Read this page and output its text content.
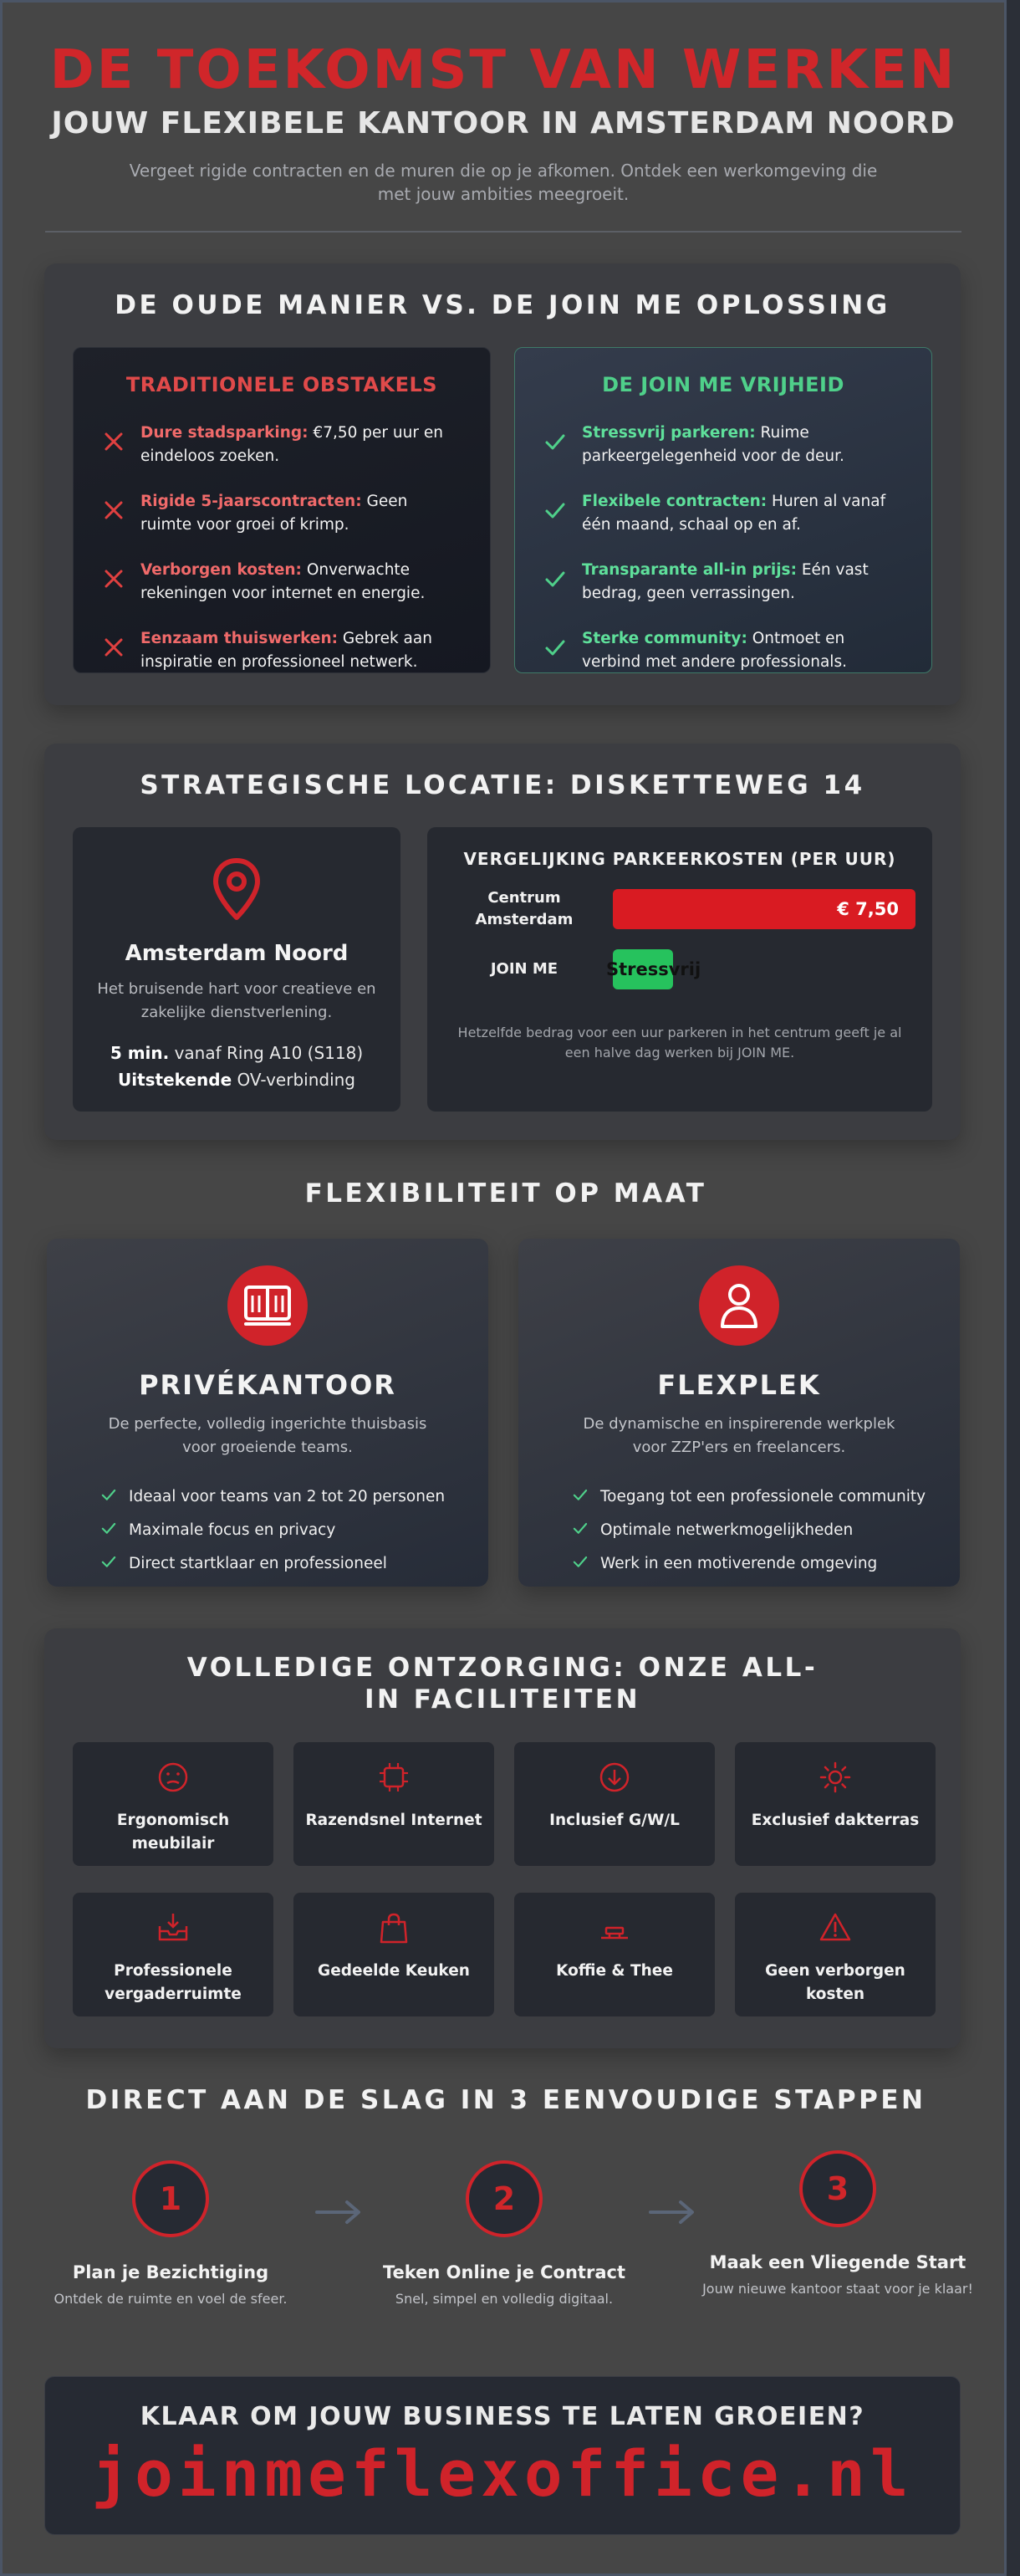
DE TOEKOMST VAN WERKEN
JOUW FLEXIBELE KANTOOR IN AMSTERDAM NOORD
Vergeet rigide contracten en de muren die op je afkomen. Ontdek een werkomgeving die met jouw ambities meegroeit.
DE OUDE MANIER VS. DE JOIN ME OPLOSSING
TRADITIONELE OBSTAKELS
Dure stadsparking: €7,50 per uur en eindeloos zoeken.
Rigide 5-jaarscontracten: Geen ruimte voor groei of krimp.
Verborgen kosten: Onverwachte rekeningen voor internet en energie.
Eenzaam thuiswerken: Gebrek aan inspiratie en professioneel netwerk.
DE JOIN ME VRIJHEID
Stressvrij parkeren: Ruime parkeergelegenheid voor de deur.
Flexibele contracten: Huren al vanaf één maand, schaal op en af.
Transparante all-in prijs: Eén vast bedrag, geen verrassingen.
Sterke community: Ontmoet en verbind met andere professionals.
STRATEGISCHE LOCATIE: DISKETTEWEG 14
Amsterdam Noord
Het bruisende hart voor creatieve en zakelijke dienstverlening.
5 min. vanaf Ring A10 (S118)
Uitstekende OV-verbinding
VERGELIJKING PARKEERKOSTEN (PER UUR)
Centrum Amsterdam
€ 7,50
JOIN ME	Stressvrij
Hetzelfde bedrag voor een uur parkeren in het centrum geeft je al een halve dag werken bij JOIN ME.
FLEXIBILITEIT OP MAAT
PRIVÉKANTOOR
De perfecte, volledig ingerichte thuisbasis voor groeiende teams.
Ideaal voor teams van 2 tot 20 personen
Maximale focus en privacy
Direct startklaar en professioneel
FLEXPLEK
De dynamische en inspirerende werkplek voor ZZP'ers en freelancers.
Toegang tot een professionele community
Optimale netwerkmogelijkheden
Werk in een motiverende omgeving
VOLLEDIGE ONTZORGING: ONZE ALL-IN FACILITEITEN
Ergonomisch meubilair
Razendsnel Internet	Inclusief G/W/L	Exclusief dakterras
Professionele vergaderruimte
Gedeelde Keuken	Koffie & Thee	Geen verborgen kosten
DIRECT AAN DE SLAG IN 3 EENVOUDIGE STAPPEN
1
Plan je Bezichtiging
Ontdek de ruimte en voel de sfeer.
2
Teken Online je Contract
Snel, simpel en volledig digitaal.
3
Maak een Vliegende Start
Jouw nieuwe kantoor staat voor je klaar!
KLAAR OM JOUW BUSINESS TE LATEN GROEIEN?
joinmeflexoffice.nl
